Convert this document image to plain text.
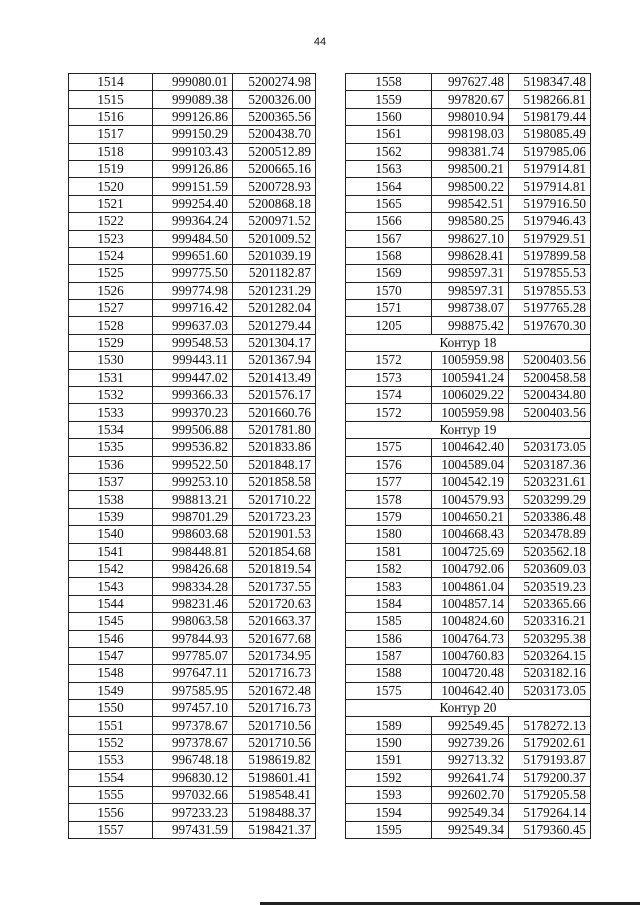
44
1514	999080.01	5200274.98
1515	999089.38	5200326.00
1516	999126.86	5200365.56
1517	999150.29	5200438.70
1518	999103.43	5200512.89
1519	999126.86	5200665.16
1520	999151.59	5200728.93
1521	999254.40	5200868.18
1522	999364.24	5200971.52
1523	999484.50	5201009.52
1524	999651.60	5201039.19
1525	999775.50	5201182.87
1526	999774.98	5201231.29
1527	999716.42	5201282.04
1528	999637.03	5201279.44
1529	999548.53	5201304.17
1530	999443.11	5201367.94
1531	999447.02	5201413.49
1532	999366.33	5201576.17
1533	999370.23	5201660.76
1534	999506.88	5201781.80
1535	999536.82	5201833.86
1536	999522.50	5201848.17
1537	999253.10	5201858.58
1538	998813.21	5201710.22
1539	998701.29	5201723.23
1540	998603.68	5201901.53
1541	998448.81	5201854.68
1542	998426.68	5201819.54
1543	998334.28	5201737.55
1544	998231.46	5201720.63
1545	998063.58	5201663.37
1546	997844.93	5201677.68
1547	997785.07	5201734.95
1548	997647.11	5201716.73
1549	997585.95	5201672.48
1550	997457.10	5201716.73
1551	997378.67	5201710.56
1552	997378.67	5201710.56
1553	996748.18	5198619.82
1554	996830.12	5198601.41
1555	997032.66	5198548.41
1556	997233.23	5198488.37
1557	997431.59	5198421.37
1558	997627.48	5198347.48
1559	997820.67	5198266.81
1560	998010.94	5198179.44
1561	998198.03	5198085.49
1562	998381.74	5197985.06
1563	998500.21	5197914.81
1564	998500.22	5197914.81
1565	998542.51	5197916.50
1566	998580.25	5197946.43
1567	998627.10	5197929.51
1568	998628.41	5197899.58
1569	998597.31	5197855.53
1570	998597.31	5197855.53
1571	998738.07	5197765.28
1205	998875.42	5197670.30
Контур 18		
1572	1005959.98	5200403.56
1573	1005941.24	5200458.58
1574	1006029.22	5200434.80
1572	1005959.98	5200403.56
Контур 19		
1575	1004642.40	5203173.05
1576	1004589.04	5203187.36
1577	1004542.19	5203231.61
1578	1004579.93	5203299.29
1579	1004650.21	5203386.48
1580	1004668.43	5203478.89
1581	1004725.69	5203562.18
1582	1004792.06	5203609.03
1583	1004861.04	5203519.23
1584	1004857.14	5203365.66
1585	1004824.60	5203316.21
1586	1004764.73	5203295.38
1587	1004760.83	5203264.15
1588	1004720.48	5203182.16
1575	1004642.40	5203173.05
Контур 20		
1589	992549.45	5178272.13
1590	992739.26	5179202.61
1591	992713.32	5179193.87
1592	992641.74	5179200.37
1593	992602.70	5179205.58
1594	992549.34	5179264.14
1595	992549.34	5179360.45
